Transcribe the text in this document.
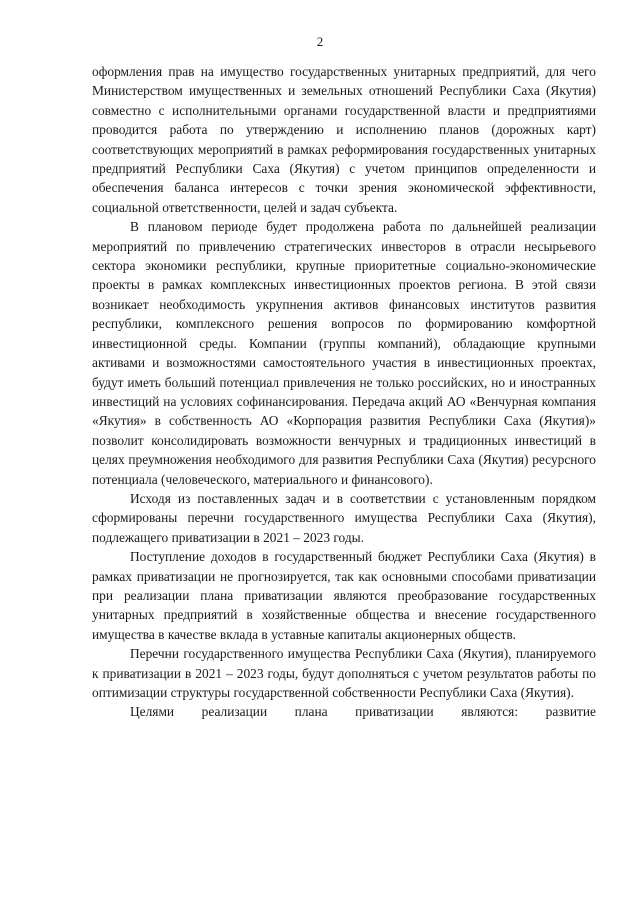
2

оформления прав на имущество государственных унитарных предприятий, для чего Министерством имущественных и земельных отношений Республики Саха (Якутия) совместно с исполнительными органами государственной власти и предприятиями проводится работа по утверждению и исполнению планов (дорожных карт) соответствующих мероприятий в рамках реформирования государственных унитарных предприятий Республики Саха (Якутия) с учетом принципов определенности и обеспечения баланса интересов с точки зрения экономической эффективности, социальной ответственности, целей и задач субъекта.

В плановом периоде будет продолжена работа по дальнейшей реализации мероприятий по привлечению стратегических инвесторов в отрасли несырьевого сектора экономики республики, крупные приоритетные социально-экономические проекты в рамках комплексных инвестиционных проектов региона. В этой связи возникает необходимость укрупнения активов финансовых институтов развития республики, комплексного решения вопросов по формированию комфортной инвестиционной среды. Компании (группы компаний), обладающие крупными активами и возможностями самостоятельного участия в инвестиционных проектах, будут иметь больший потенциал привлечения не только российских, но и иностранных инвестиций на условиях софинансирования. Передача акций АО «Венчурная компания «Якутия» в собственность АО «Корпорация развития Республики Саха (Якутия)» позволит консолидировать возможности венчурных и традиционных инвестиций в целях преумножения необходимого для развития Республики Саха (Якутия) ресурсного потенциала (человеческого, материального и финансового).

Исходя из поставленных задач и в соответствии с установленным порядком сформированы перечни государственного имущества Республики Саха (Якутия), подлежащего приватизации в 2021 – 2023 годы.

Поступление доходов в государственный бюджет Республики Саха (Якутия) в рамках приватизации не прогнозируется, так как основными способами приватизации при реализации плана приватизации являются преобразование государственных унитарных предприятий в хозяйственные общества и внесение государственного имущества в качестве вклада в уставные капиталы акционерных обществ.

Перечни государственного имущества Республики Саха (Якутия), планируемого к приватизации в 2021 – 2023 годы, будут дополняться с учетом результатов работы по оптимизации структуры государственной собственности Республики Саха (Якутия).

Целями реализации плана приватизации являются: развитие
